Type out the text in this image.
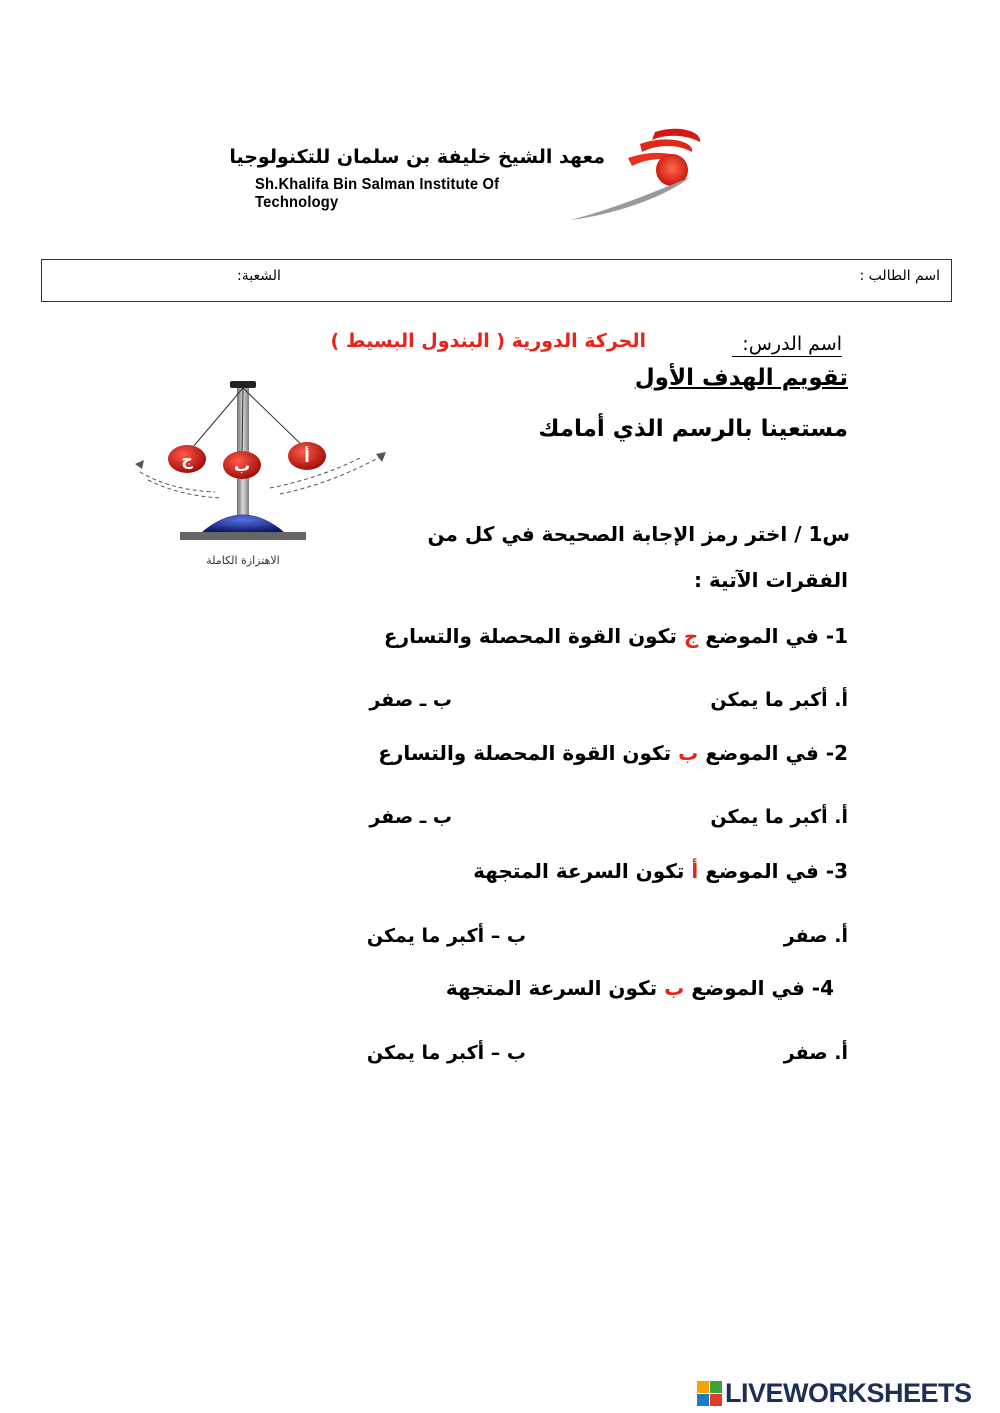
معهد الشيخ خليفة بن سلمان للتكنولوجيا
Sh.Khalifa Bin Salman Institute Of Technology
اسم الطالب :
الشعبة:
اسم الدرس:
الحركة الدورية ( البندول البسيط )
تقويم الهدف الأول
مستعينا بالرسم الذي أمامك
ج	ب	أ
الاهتزازة الكاملة
س1 / اختر رمز الإجابة الصحيحة في كل من
الفقرات الآتية :
1- في الموضع ج تكون القوة المحصلة والتسارع
أ. أكبر ما يمكن
ب ـ صفر
2- في الموضع ب تكون القوة المحصلة والتسارع
أ. أكبر ما يمكن
ب ـ صفر
3- في الموضع أ تكون السرعة المتجهة
أ. صفر
ب – أكبر ما يمكن
4- في الموضع ب تكون السرعة المتجهة
أ. صفر
ب – أكبر ما يمكن
LIVEWORKSHEETS
